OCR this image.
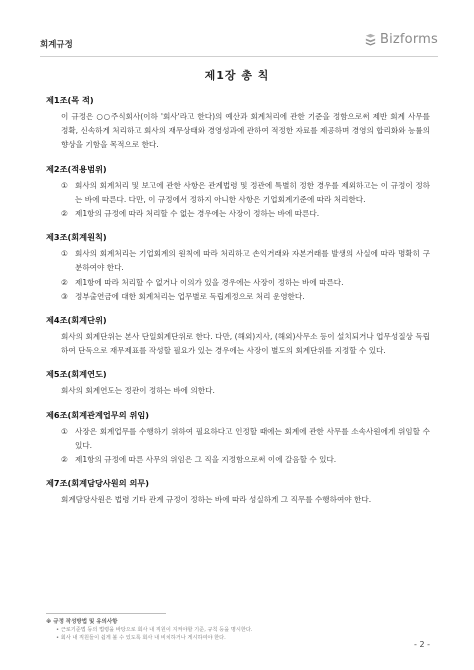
회계규정	Bizforms
제1장 총 칙
제1조(목 적)
이 규정은 ○○주식회사(이하 '회사'라고 한다)의 예산과 회계처리에 관한 기준을 정함으로써 제반 회계 사무를 정확, 신속하게 처리하고 회사의 재무상태와 경영성과에 관하여 적정한 자료를 제공하며 경영의 합리화와 능률의 향상을 기함을 목적으로 한다.
제2조(적용범위)
① 회사의 회계처리 및 보고에 관한 사항은 관계법령 및 정관에 특별히 정한 경우를 제외하고는 이 규정이 정하는 바에 따른다. 다만, 이 규정에서 정하지 아니한 사항은 기업회계기준에 따라 처리한다.
② 제1항의 규정에 따라 처리할 수 없는 경우에는 사장이 정하는 바에 따른다.
제3조(회계원칙)
① 회사의 회계처리는 기업회계의 원칙에 따라 처리하고 손익거래와 자본거래를 발생의 사실에 따라 명확히 구분하여야 한다.
② 제1항에 따라 처리할 수 없거나 이의가 있을 경우에는 사장이 정하는 바에 따른다.
③ 정부출연금에 대한 회계처리는 업무별로 독립계정으로 처리 운영한다.
제4조(회계단위)
회사의 회계단위는 본사 단일회계단위로 한다. 다만, (해외)지사, (해외)사무소 등이 설치되거나 업무성질상 독립하여 단독으로 재무제표를 작성할 필요가 있는 경우에는 사장이 별도의 회계단위를 지정할 수 있다.
제5조(회계연도)
회사의 회계연도는 정관이 정하는 바에 의한다.
제6조(회계관계업무의 위임)
① 사장은 회계업무를 수행하기 위하여 필요하다고 인정할 때에는 회계에 관한 사무를 소속사원에게 위임할 수 있다.
② 제1항의 규정에 따른 사무의 위임은 그 직을 지정함으로써 이에 갈음할 수 있다.
제7조(회계담당사원의 의무)
회계담당사원은 법령 기타 관계 규정이 정하는 바에 따라 성실하게 그 직무를 수행하여야 한다.
※ 규정 작성방법 및 유의사항
• 근로기준법 등의 법령을 바탕으로 회사 내 직원이 지켜야할 기준, 규칙 등을 명시한다.
• 회사 내 직원들이 쉽게 볼 수 있도록 회사 내 비치하거나 게시하여야 한다.
- 2 -
